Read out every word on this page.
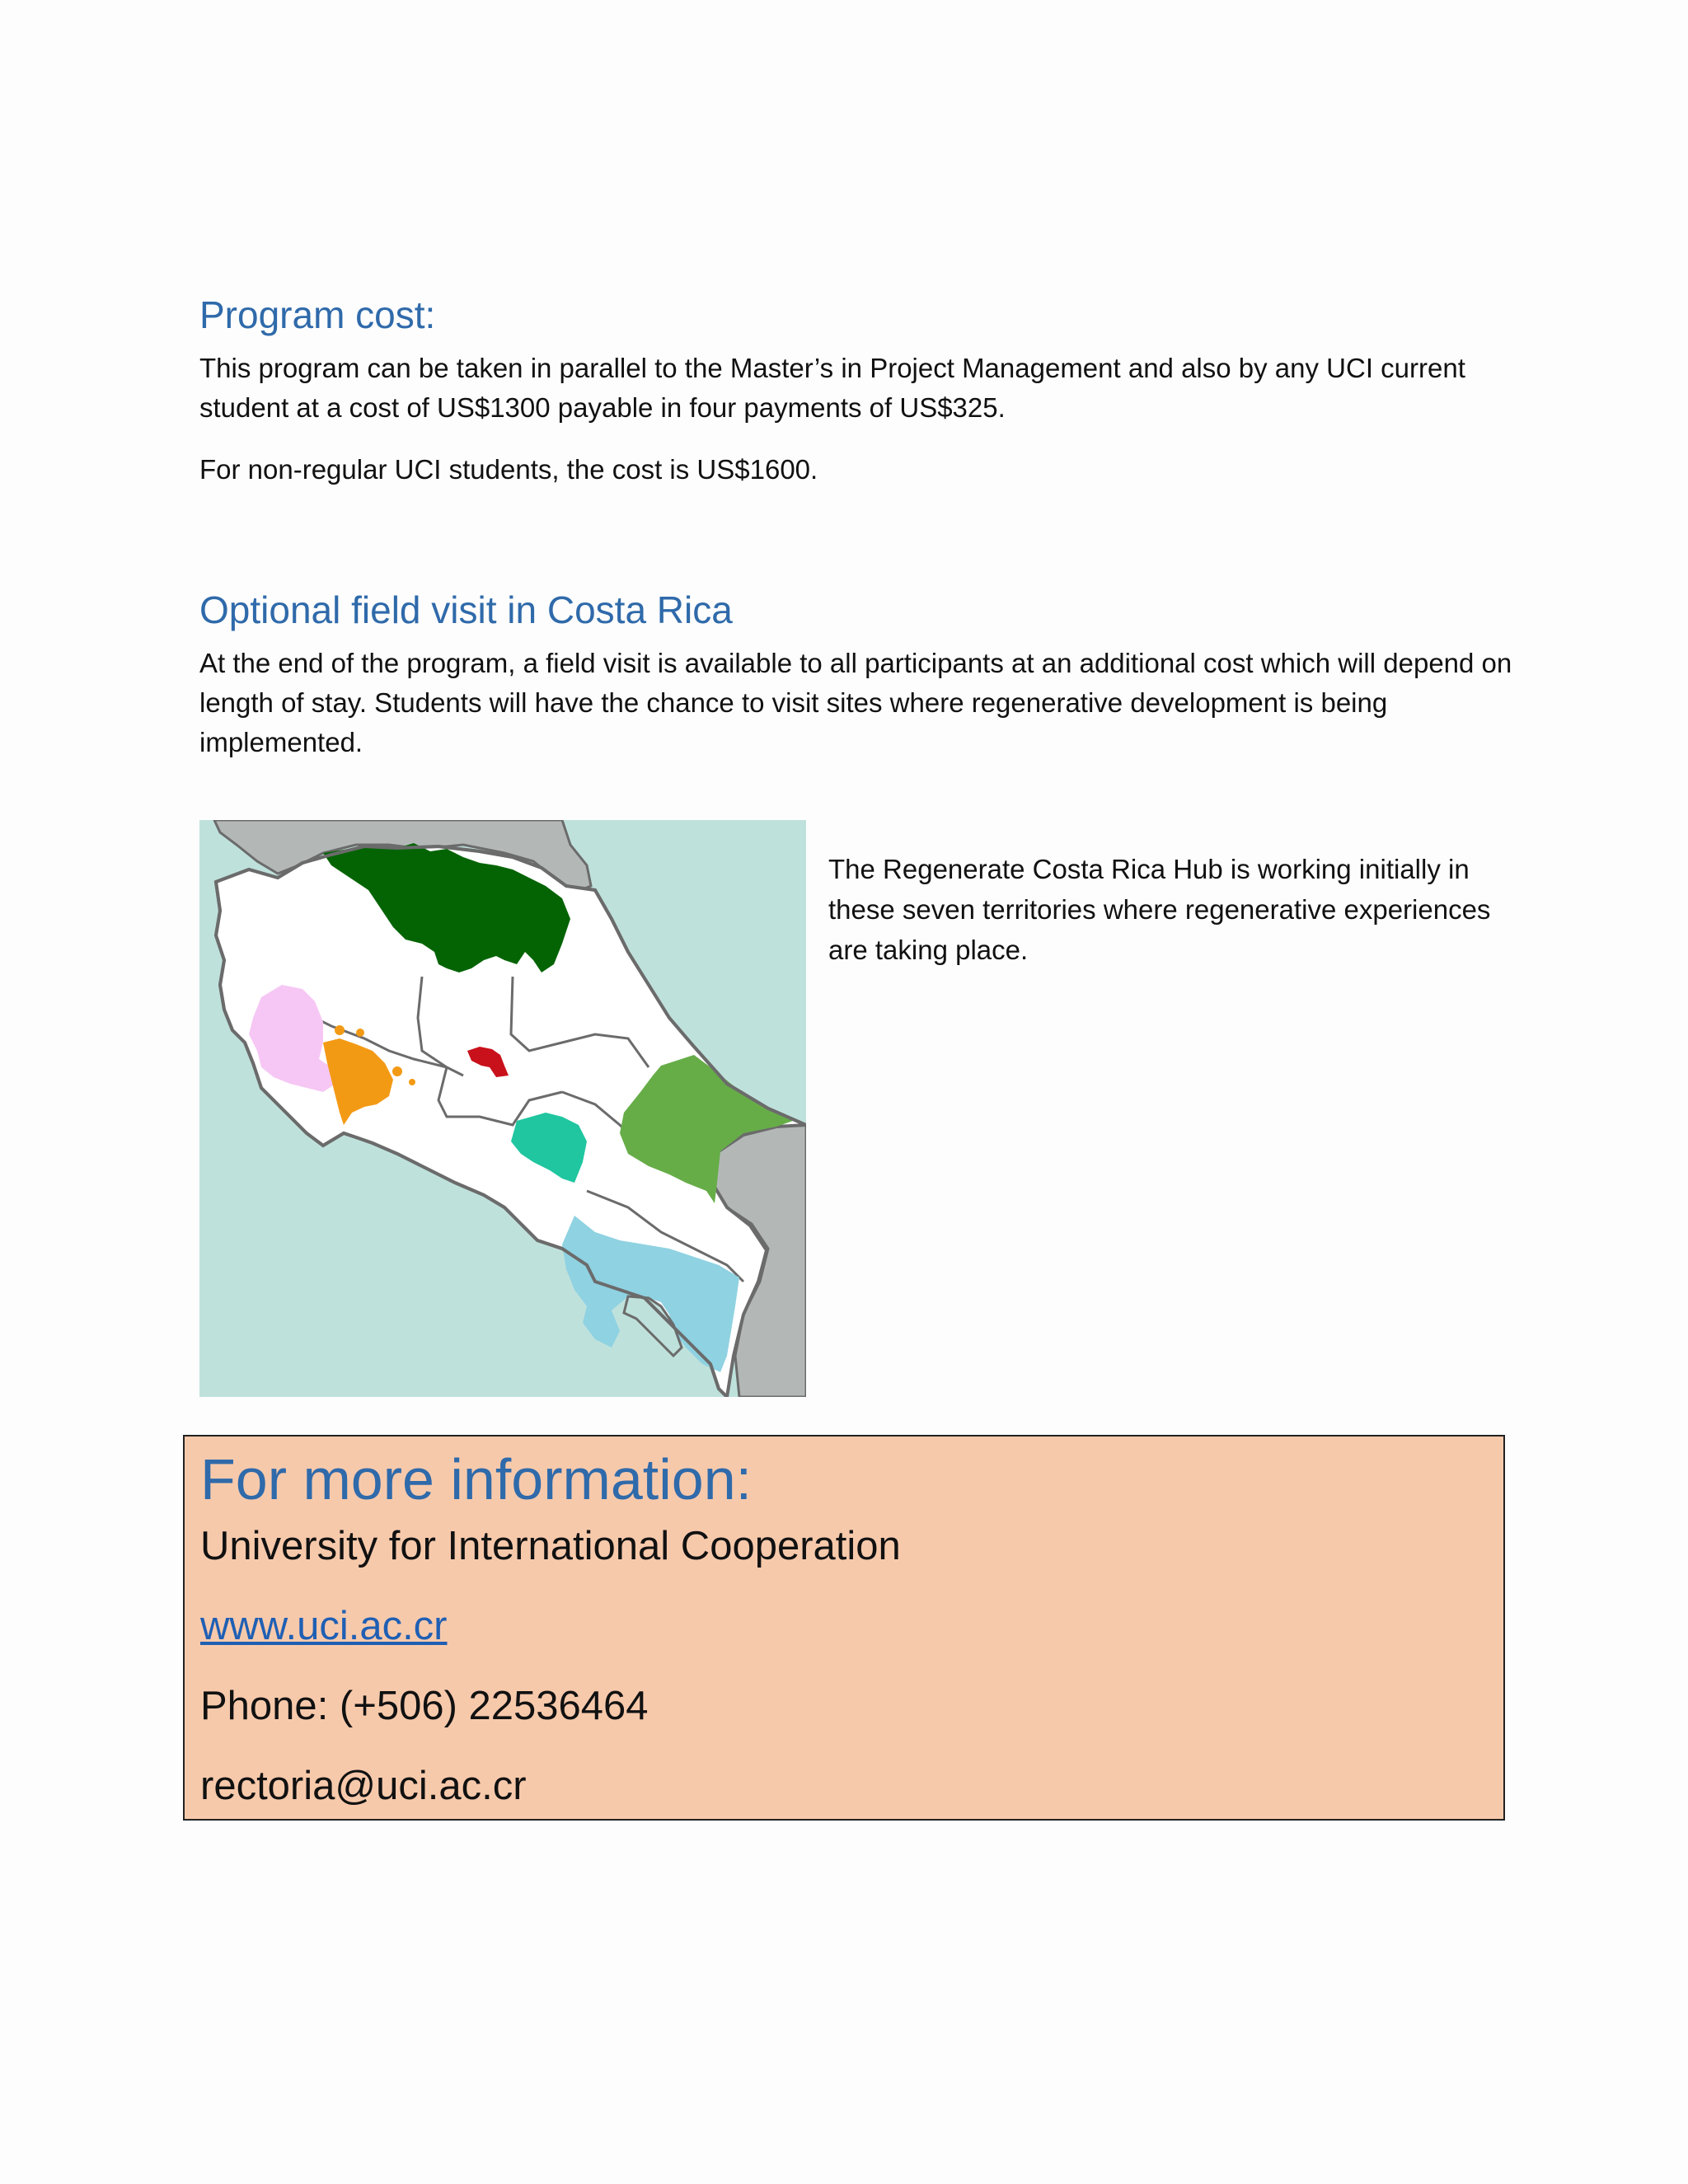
Program cost:

This program can be taken in parallel to the Master’s in Project Management and also by any UCI current student at a cost of US$1300 payable in four payments of US$325.

For non-regular UCI students, the cost is US$1600.

Optional field visit in Costa Rica

At the end of the program, a field visit is available to all participants at an additional cost which will depend on length of stay. Students will have the chance to visit sites where regenerative development is being implemented.

The Regenerate Costa Rica Hub is working initially in these seven territories where regenerative experiences are taking place.

For more information:

University for International Cooperation

www.uci.ac.cr

Phone: (+506) 22536464

rectoria@uci.ac.cr
